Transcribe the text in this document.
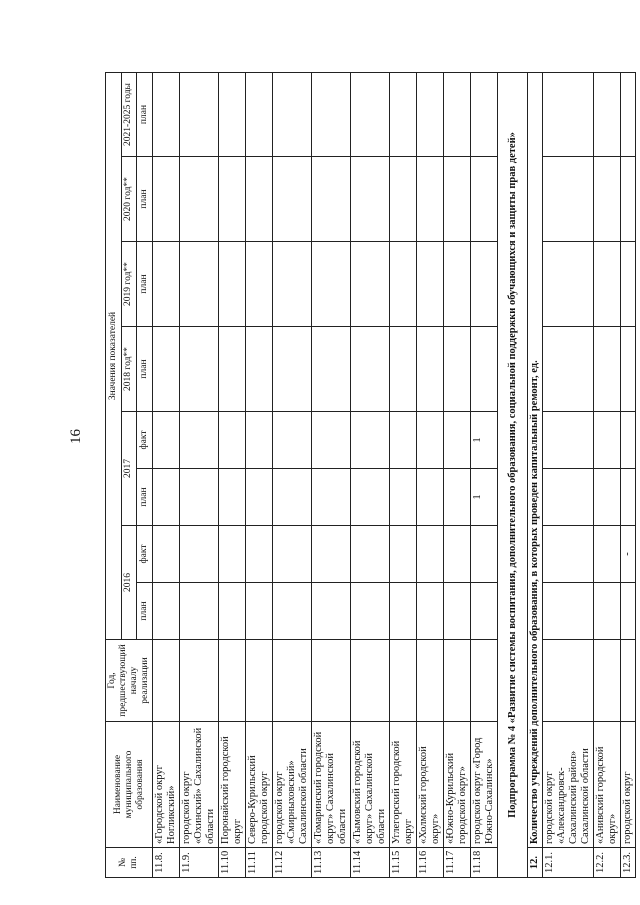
16
№ пп.	Наименование муниципального образования	Год, предшествующий началу реализации	Значения показателей							
			2016		2017		2018 год**	2019 год**	2020 год**	2021-2025 годы
			план	факт	план	факт	план	план	план	план
11.8.	«Городской округ Ногликский»									
11.9.	городской округ «Охинский» Сахалинской области									
11.10	Поронайский городской округ									
11.11	Северо-Курильский городской округ									
11.12	городской округ «Смирныховский» Сахалинской области									
11.13	«Томаринский городской округ» Сахалинской области									
11.14	«Тымовский городской округ» Сахалинской области									
11.15	Углегорский городской округ									
11.16	«Холмский городской округ»									
11.17	«Южно-Курильский городской округ»									
11.18	городской округ «Город Южно-Сахалинск»				1	1				
Подпрограмма № 4 «Развитие системы воспитания, дополнительного образования, социальной поддержки обучающихся и защиты прав детей»										
12.	Количество учреждений дополнительного образования, в которых проведен капитальный ремонт, ед.									
12.1.	городской округ «Александровск-Сахалинский район» Сахалинской области									
12.2.	«Анивский городской округ»									
12.3.	городской округ			-						
